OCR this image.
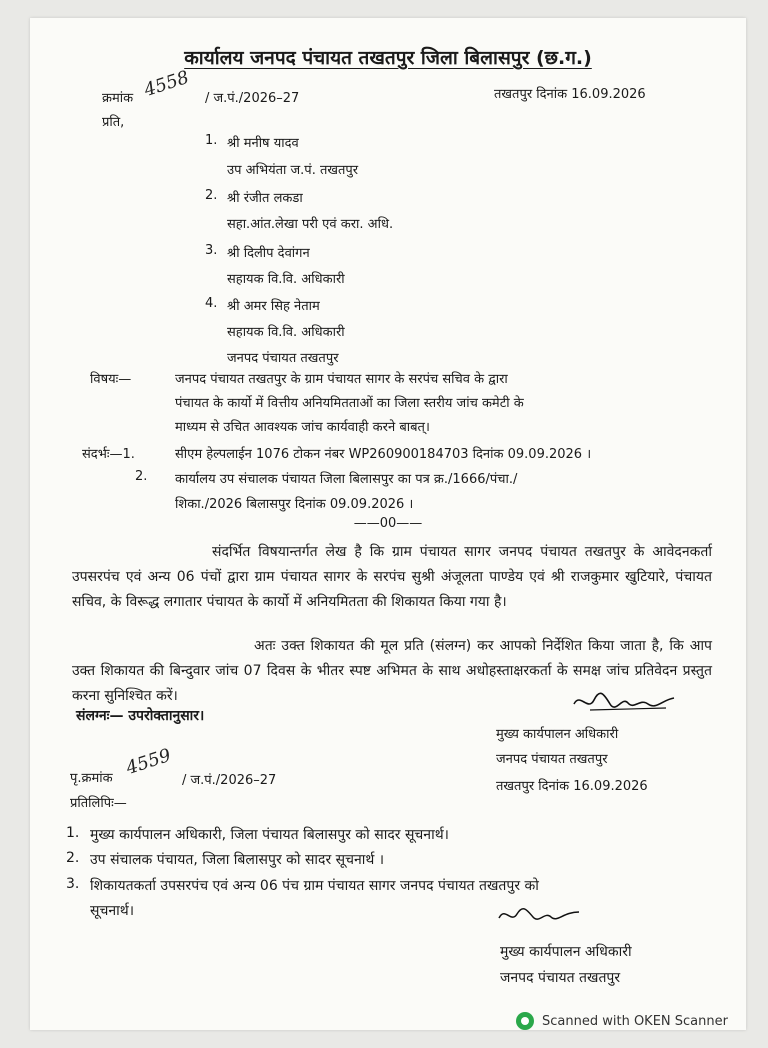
कार्यालय जनपद पंचायत तखतपुर जिला बिलासपुर (छ.ग.)
क्रमांक 4558 / ज.पं./2026–27	तखतपुर दिनांक 16.09.2026
प्रति,
1. श्री मनीष यादव
उप अभियंता ज.पं. तखतपुर
2. श्री रंजीत लकडा
सहा.आंत.लेखा परी एवं करा. अधि.
3. श्री दिलीप देवांगन
सहायक वि.वि. अधिकारी
4. श्री अमर सिह नेताम
सहायक वि.वि. अधिकारी
जनपद पंचायत तखतपुर
विषयः—	जनपद पंचायत तखतपुर के ग्राम पंचायत सागर के सरपंच सचिव के द्वारा
पंचायत के कार्यो में वित्तीय अनियमितताओं का जिला स्तरीय जांच कमेटी के
माध्यम से उचित आवश्यक जांच कार्यवाही करने बाबत्।
संदर्भः—1.	सीएम हेल्पलाईन 1076 टोकन नंबर WP260900184703 दिनांक 09.09.2026 ।
2. कार्यालय उप संचालक पंचायत जिला बिलासपुर का पत्र क्र./1666/पंचा./
शिका./2026 बिलासपुर दिनांक 09.09.2026 ।
——00——
संदर्भित विषयान्तर्गत लेख है कि ग्राम पंचायत सागर जनपद पंचायत तखतपुर के आवेदनकर्ता उपसरपंच एवं अन्य 06 पंचों द्वारा ग्राम पंचायत सागर के सरपंच सुश्री अंजूलता पाण्डेय एवं श्री राजकुमार खुटियारे, पंचायत सचिव, के विरूद्ध लगातार पंचायत के कार्यो में अनियमितता की शिकायत किया गया है।
अतः उक्त शिकायत की मूल प्रति (संलग्न) कर आपको निर्देशित किया जाता है, कि आप उक्त शिकायत की बिन्दुवार जांच 07 दिवस के भीतर स्पष्ट अभिमत के साथ अधोहस्ताक्षरकर्ता के समक्ष जांच प्रतिवेदन प्रस्तुत करना सुनिश्चित करें।
संलग्नः— उपरोक्तानुसार।
मुख्य कार्यपालन अधिकारी
जनपद पंचायत तखतपुर
तखतपुर दिनांक 16.09.2026
पृ.क्रमांक 4559
/ ज.पं./2026–27
प्रतिलिपिः—
1. मुख्य कार्यपालन अधिकारी, जिला पंचायत बिलासपुर को सादर सूचनार्थ।
2. उप संचालक पंचायत, जिला बिलासपुर को सादर सूचनार्थ ।
3. शिकायतकर्ता उपसरपंच एवं अन्य 06 पंच ग्राम पंचायत सागर जनपद पंचायत तखतपुर को
सूचनार्थ।
मुख्य कार्यपालन अधिकारी
जनपद पंचायत तखतपुर
Scanned with OKEN Scanner
